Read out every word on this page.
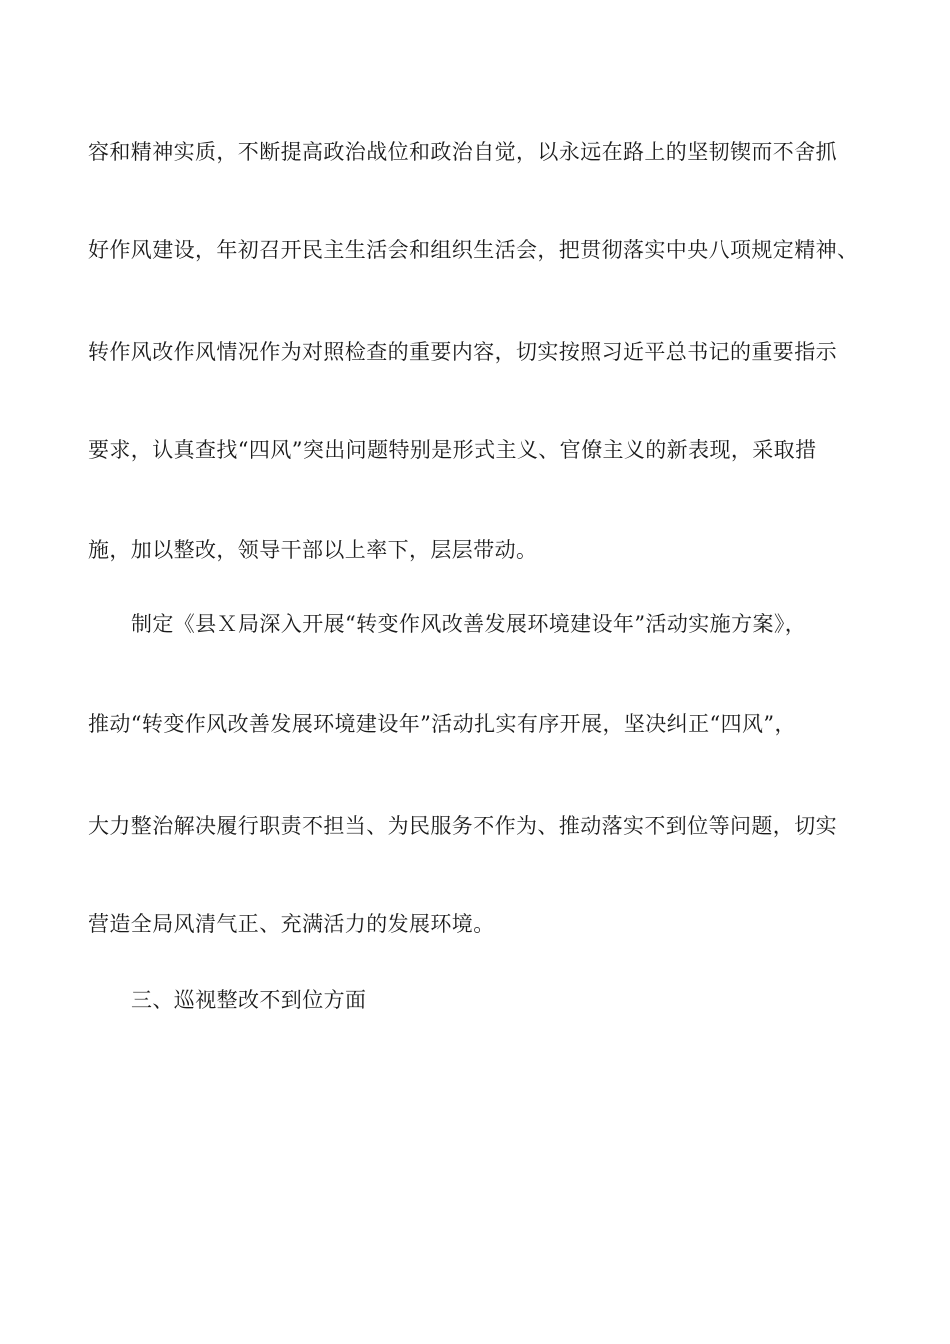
容和精神实质，不断提高政治战位和政治自觉，以永远在路上的坚韧锲而不舍抓
好作风建设，年初召开民主生活会和组织生活会，把贯彻落实中央八项规定精神、
转作风改作风情况作为对照检查的重要内容，切实按照习近平总书记的重要指示
要求，认真查找“四风”突出问题特别是形式主义、官僚主义的新表现，采取措
施，加以整改，领导干部以上率下，层层带动。
制定《县Ｘ局深入开展“转变作风改善发展环境建设年”活动实施方案》，
推动“转变作风改善发展环境建设年”活动扎实有序开展，坚决纠正“四风”，
大力整治解决履行职责不担当、为民服务不作为、推动落实不到位等问题，切实
营造全局风清气正、充满活力的发展环境。
三、巡视整改不到位方面
